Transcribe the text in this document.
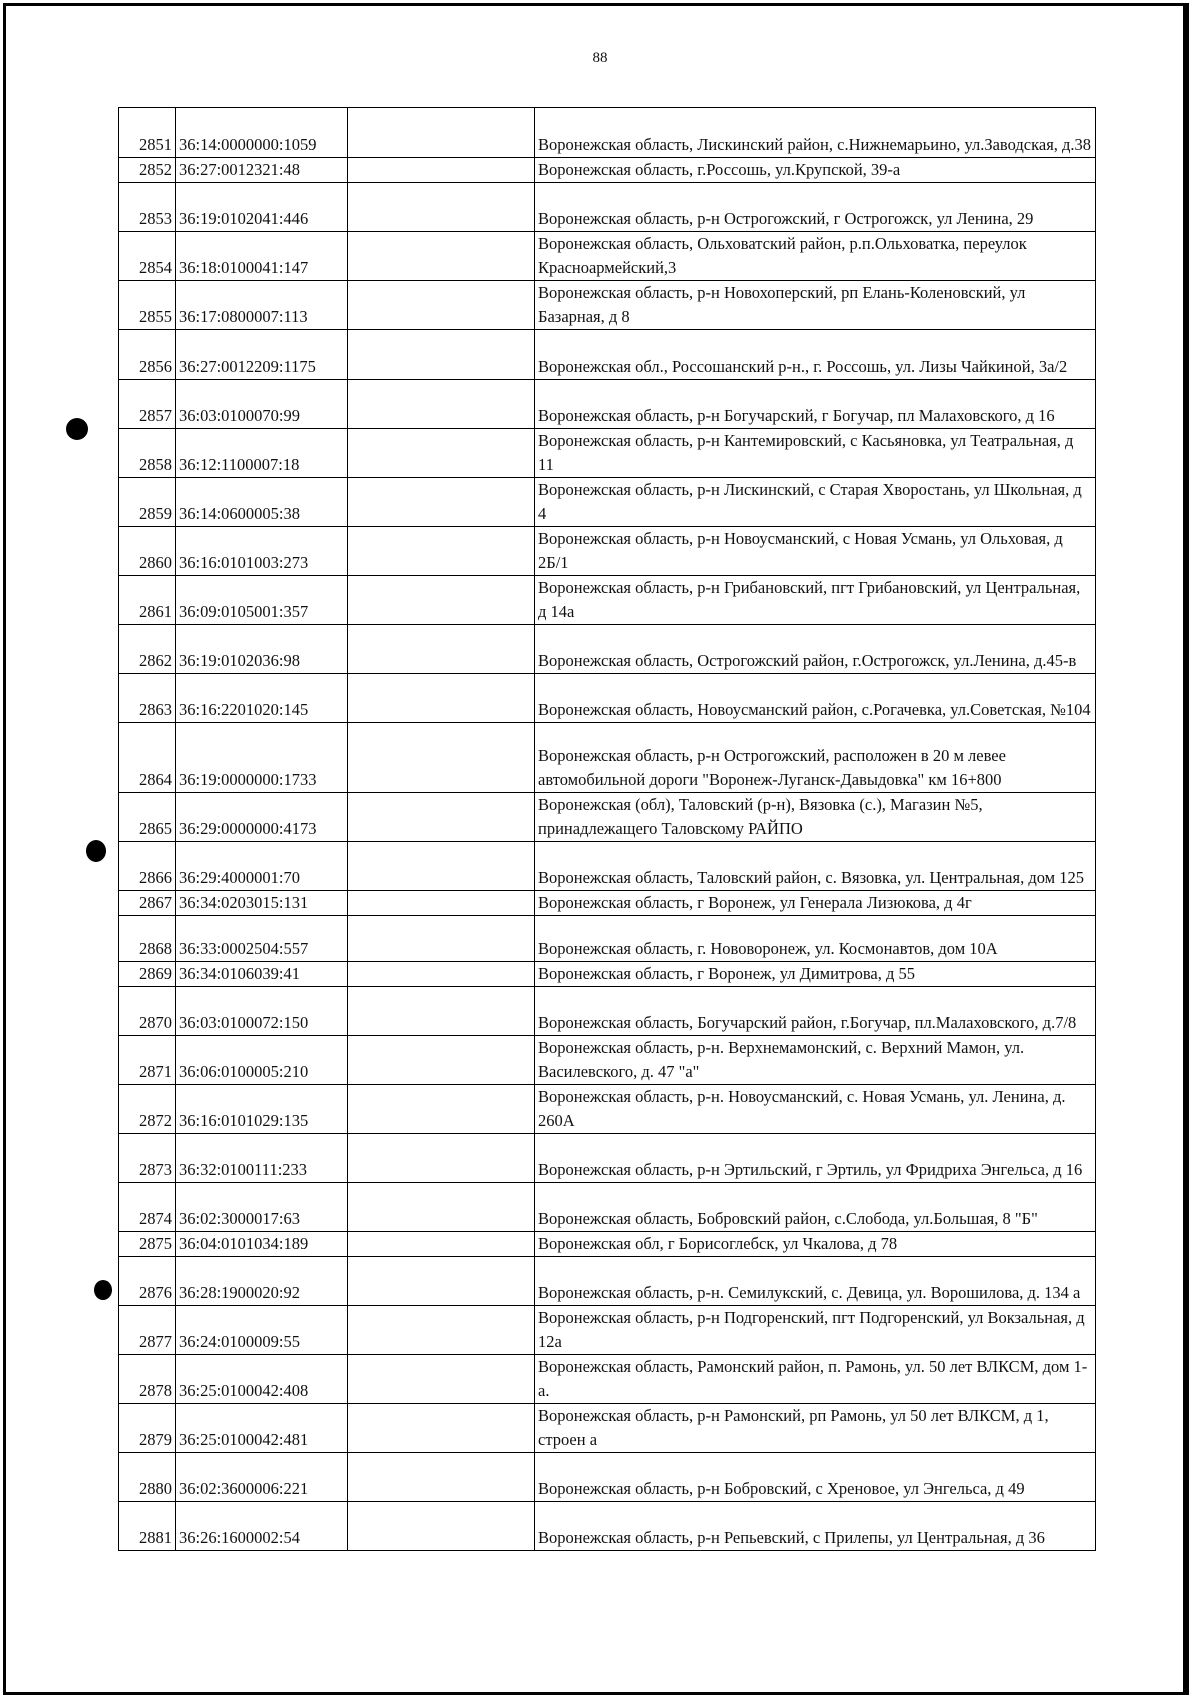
88
2851	36:14:0000000:1059		Воронежская область, Лискинский район, с.Нижнемарьино, ул.Заводская, д.38
2852	36:27:0012321:48		Воронежская область, г.Россошь, ул.Крупской, 39-а
2853	36:19:0102041:446		Воронежская область, р-н Острогожский, г Острогожск, ул Ленина, 29
2854	36:18:0100041:147		Воронежская область, Ольховатский район, р.п.Ольховатка, переулок Красноармейский,3
2855	36:17:0800007:113		Воронежская область, р-н Новохоперский, рп Елань-Коленовский, ул Базарная, д 8
2856	36:27:0012209:1175		Воронежская обл., Россошанский р-н., г. Россошь, ул. Лизы Чайкиной, 3а/2
2857	36:03:0100070:99		Воронежская область, р-н Богучарский, г Богучар, пл Малаховского, д 16
2858	36:12:1100007:18		Воронежская область, р-н Кантемировский, с Касьяновка, ул Театральная, д 11
2859	36:14:0600005:38		Воронежская область, р-н Лискинский, с Старая Хворостань, ул Школьная, д 4
2860	36:16:0101003:273		Воронежская область, р-н Новоусманский, с Новая Усмань, ул Ольховая, д 2Б/1
2861	36:09:0105001:357		Воронежская область, р-н Грибановский, пгт Грибановский, ул Центральная, д 14а
2862	36:19:0102036:98		Воронежская область, Острогожский район, г.Острогожск, ул.Ленина, д.45-в
2863	36:16:2201020:145		Воронежская область, Новоусманский район, с.Рогачевка, ул.Советская, №104
2864	36:19:0000000:1733		Воронежская область, р-н Острогожский, расположен в 20 м левее автомобильной дороги "Воронеж-Луганск-Давыдовка" км 16+800
2865	36:29:0000000:4173		Воронежская (обл), Таловский (р-н), Вязовка (с.), Магазин №5, принадлежащего Таловскому РАЙПО
2866	36:29:4000001:70		Воронежская область, Таловский район, с. Вязовка, ул. Центральная, дом 125
2867	36:34:0203015:131		Воронежская область, г Воронеж, ул Генерала Лизюкова, д 4г
2868	36:33:0002504:557		Воронежская область, г. Нововоронеж, ул. Космонавтов, дом 10А
2869	36:34:0106039:41		Воронежская область, г Воронеж, ул Димитрова, д 55
2870	36:03:0100072:150		Воронежская область, Богучарский район, г.Богучар, пл.Малаховского, д.7/8
2871	36:06:0100005:210		Воронежская область, р-н. Верхнемамонский, с. Верхний Мамон, ул. Василевского, д. 47 "а"
2872	36:16:0101029:135		Воронежская область, р-н. Новоусманский, с. Новая Усмань, ул. Ленина, д. 260А
2873	36:32:0100111:233		Воронежская область, р-н Эртильский, г Эртиль, ул Фридриха Энгельса, д 16
2874	36:02:3000017:63		Воронежская область, Бобровский район, с.Слобода, ул.Большая, 8 "Б"
2875	36:04:0101034:189		Воронежская обл, г Борисоглебск, ул Чкалова, д 78
2876	36:28:1900020:92		Воронежская область, р-н. Семилукский, с. Девица, ул. Ворошилова, д. 134 а
2877	36:24:0100009:55		Воронежская область, р-н Подгоренский, пгт Подгоренский, ул Вокзальная, д 12а
2878	36:25:0100042:408		Воронежская область, Рамонский район, п. Рамонь, ул. 50 лет ВЛКСМ, дом 1-а.
2879	36:25:0100042:481		Воронежская область, р-н Рамонский, рп Рамонь, ул 50 лет ВЛКСМ, д 1, строен а
2880	36:02:3600006:221		Воронежская область, р-н Бобровский, с Хреновое, ул Энгельса, д 49
2881	36:26:1600002:54		Воронежская область, р-н Репьевский, с Прилепы, ул Центральная, д 36
